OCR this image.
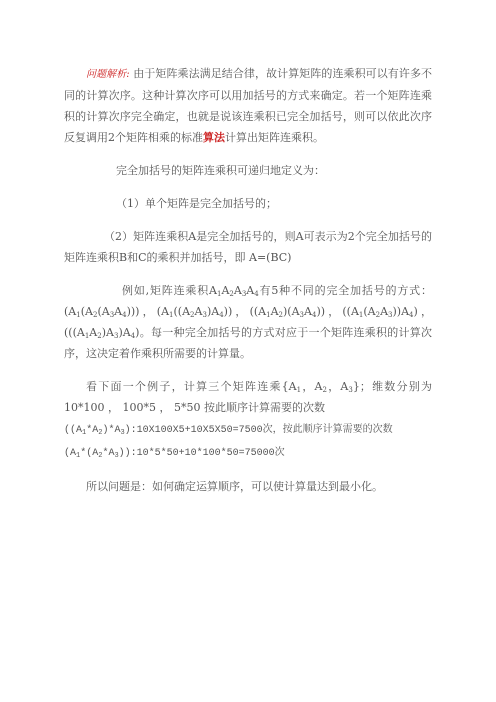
问题解析: 由于矩阵乘法满足结合律，故计算矩阵的连乘积可以有许多不同的计算次序。这种计算次序可以用加括号的方式来确定。若一个矩阵连乘积的计算次序完全确定，也就是说该连乘积已完全加括号，则可以依此次序反复调用2个矩阵相乘的标准算法计算出矩阵连乘积。

完全加括号的矩阵连乘积可递归地定义为：

（1）单个矩阵是完全加括号的；

（2）矩阵连乘积A是完全加括号的，则A可表示为2个完全加括号的矩阵连乘积B和C的乘积并加括号，即 A=(BC)

例如,矩阵连乘积$A_1A_2A_3A_4$有5种不同的完全加括号的方式：$(A_1(A_2(A_3A_4)))$，$(A_1((A_2A_3)A_4))$，$((A_1A_2)(A_3A_4))$，$((A_1(A_2A_3))A_4)$，$(((A_1A_2)A_3)A_4)$。每一种完全加括号的方式对应于一个矩阵连乘积的计算次序，这决定着作乘积所需要的计算量。

看下面一个例子，计算三个矩阵连乘{$A_1$，$A_2$，$A_3$}；维数分别为10*100 ， 100*5 ， 5*50 按此顺序计算需要的次数
$((A_1*A_2)*A_3):10X100X5+10X5X50=7500$次，按此顺序计算需要的次数
$(A_1*(A_2*A_3)):10*5*50+10*100*50=75000$次

所以问题是：如何确定运算顺序，可以使计算量达到最小化。
